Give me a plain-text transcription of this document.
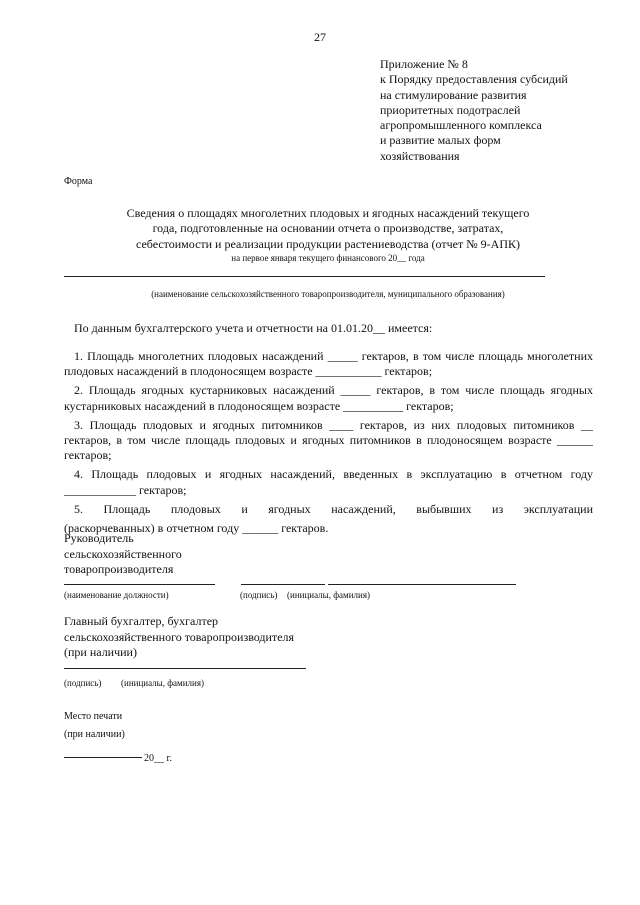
27
Приложение № 8
к Порядку предоставления субсидий
на стимулирование развития
приоритетных подотраслей
агропромышленного комплекса
и развитие малых форм
хозяйствования
Форма
Сведения о площадях многолетних плодовых и ягодных насаждений текущего
года, подготовленные на основании отчета о производстве, затратах,
себестоимости и реализации продукции растениеводства (отчет № 9-АПК)
на первое января текущего финансового 20__ года
(наименование сельскохозяйственного товаропроизводителя, муниципального образования)
По данным бухгалтерского учета и отчетности на 01.01.20__ имеется:
1. Площадь многолетних плодовых насаждений _____ гектаров, в том числе площадь многолетних плодовых насаждений в плодоносящем возрасте ___________ гектаров;
2. Площадь ягодных кустарниковых насаждений _____ гектаров, в том числе площадь ягодных кустарниковых насаждений в плодоносящем возрасте __________ гектаров;
3. Площадь плодовых и ягодных питомников ____ гектаров, из них плодовых питомников __ гектаров, в том числе площадь плодовых и ягодных питомников в плодоносящем возрасте ______ гектаров;
4. Площадь плодовых и ягодных насаждений, введенных в эксплуатацию в отчетном году ____________ гектаров;
5. Площадь плодовых и ягодных насаждений, выбывших из эксплуатации
(раскорчеванных) в отчетном году ______ гектаров.
Руководитель
сельскохозяйственного
товаропроизводителя
(наименование должности)	(подпись) (инициалы, фамилия)
Главный бухгалтер, бухгалтер
сельскохозяйственного товаропроизводителя
(при наличии)
(подпись) (инициалы, фамилия)
Место печати
(при наличии)
20__ г.
